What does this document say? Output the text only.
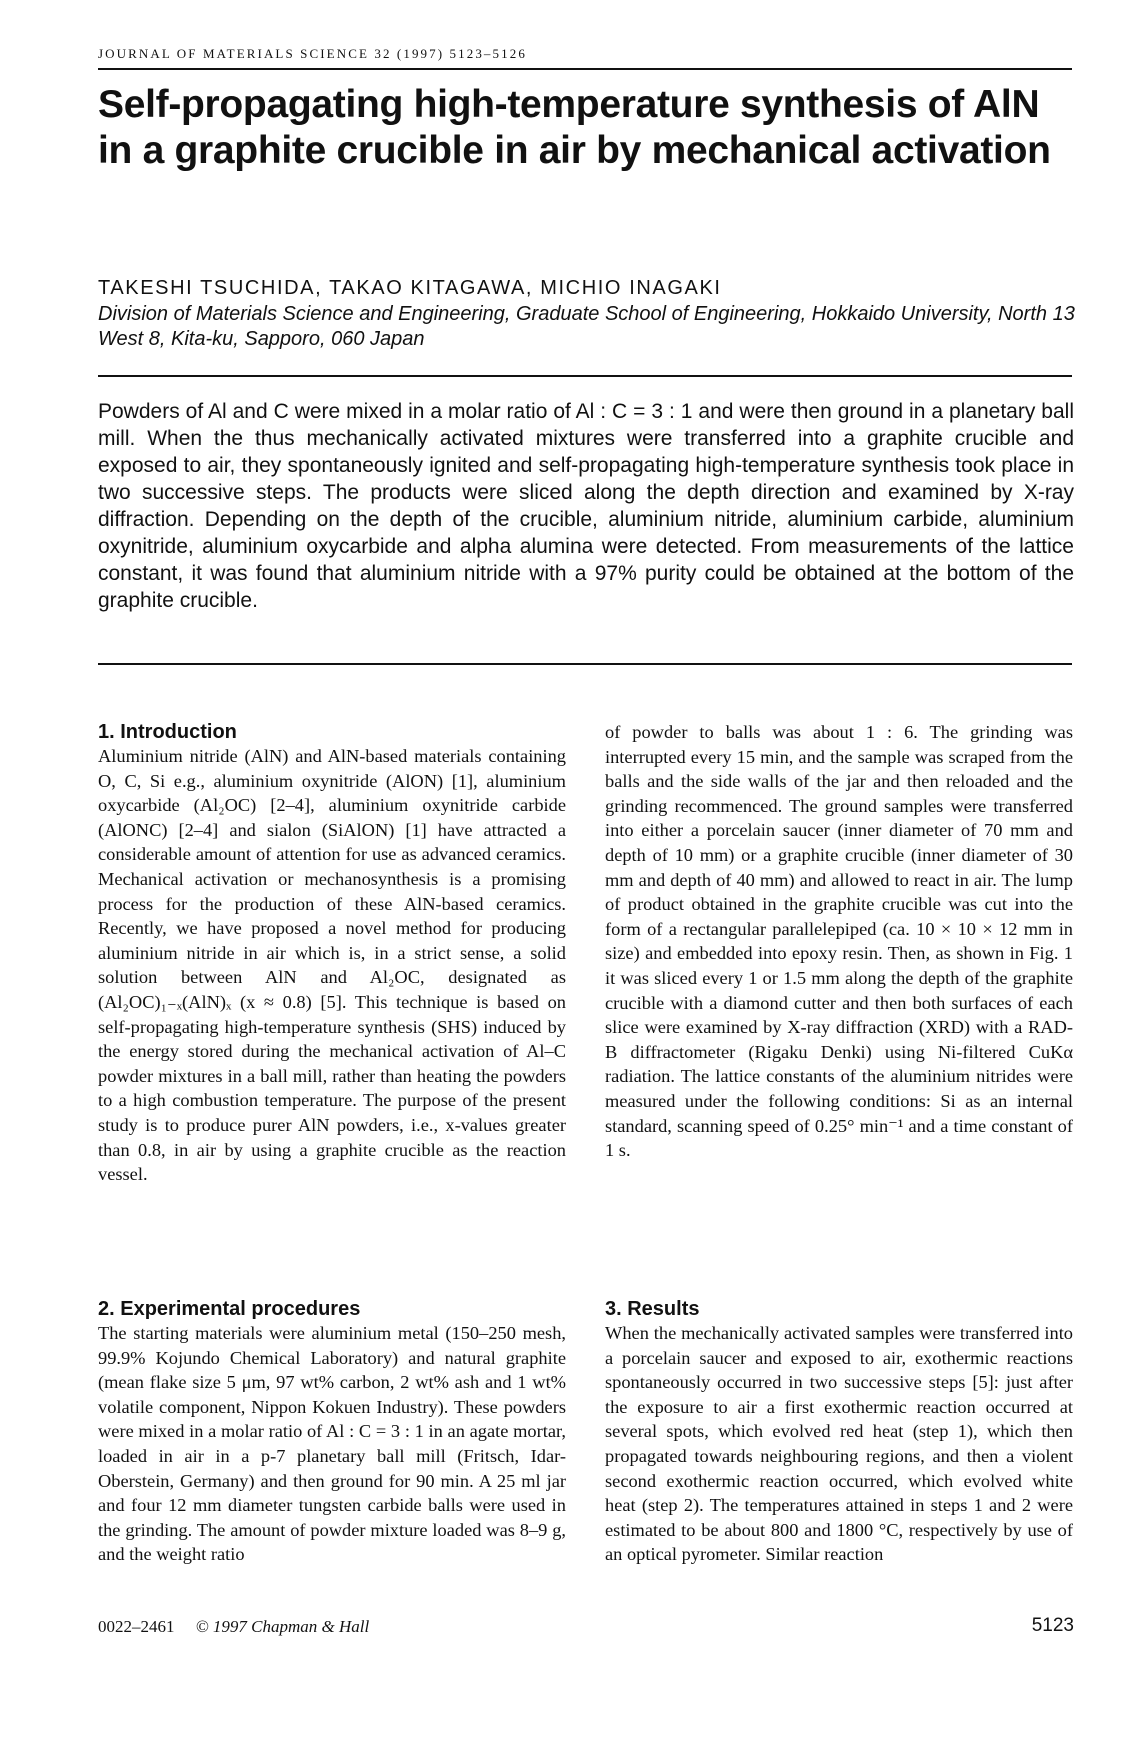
JOURNAL OF MATERIALS SCIENCE 32 (1997) 5123–5126
Self-propagating high-temperature synthesis of AlN in a graphite crucible in air by mechanical activation
TAKESHI TSUCHIDA, TAKAO KITAGAWA, MICHIO INAGAKI
Division of Materials Science and Engineering, Graduate School of Engineering, Hokkaido University, North 13 West 8, Kita-ku, Sapporo, 060 Japan

Powders of Al and C were mixed in a molar ratio of Al : C = 3 : 1 and were then ground in a planetary ball mill. When the thus mechanically activated mixtures were transferred into a graphite crucible and exposed to air, they spontaneously ignited and self-propagating high-temperature synthesis took place in two successive steps. The products were sliced along the depth direction and examined by X-ray diffraction. Depending on the depth of the crucible, aluminium nitride, aluminium carbide, aluminium oxynitride, aluminium oxycarbide and alpha alumina were detected. From measurements of the lattice constant, it was found that aluminium nitride with a 97% purity could be obtained at the bottom of the graphite crucible.

1. Introduction

Aluminium nitride (AlN) and AlN-based materials containing O, C, Si e.g., aluminium oxynitride (AlON) [1], aluminium oxycarbide (Al₂OC) [2–4], aluminium oxynitride carbide (AlONC) [2–4] and sialon (SiAlON) [1] have attracted a considerable amount of attention for use as advanced ceramics. Mechanical activation or mechanosynthesis is a promising process for the production of these AlN-based ceramics. Recently, we have proposed a novel method for producing aluminium nitride in air which is, in a strict sense, a solid solution between AlN and Al₂OC, designated as (Al₂OC)₁₋ₓ(AlN)ₓ (x ≈ 0.8) [5]. This technique is based on self-propagating high-temperature synthesis (SHS) induced by the energy stored during the mechanical activation of Al–C powder mixtures in a ball mill, rather than heating the powders to a high combustion temperature. The purpose of the present study is to produce purer AlN powders, i.e., x-values greater than 0.8, in air by using a graphite crucible as the reaction vessel.

of powder to balls was about 1 : 6. The grinding was interrupted every 15 min, and the sample was scraped from the balls and the side walls of the jar and then reloaded and the grinding recommenced. The ground samples were transferred into either a porcelain saucer (inner diameter of 70 mm and depth of 10 mm) or a graphite crucible (inner diameter of 30 mm and depth of 40 mm) and allowed to react in air. The lump of product obtained in the graphite crucible was cut into the form of a rectangular parallelepiped (ca. 10 × 10 × 12 mm in size) and embedded into epoxy resin. Then, as shown in Fig. 1 it was sliced every 1 or 1.5 mm along the depth of the graphite crucible with a diamond cutter and then both surfaces of each slice were examined by X-ray diffraction (XRD) with a RAD-B diffractometer (Rigaku Denki) using Ni-filtered CuKα radiation. The lattice constants of the aluminium nitrides were measured under the following conditions: Si as an internal standard, scanning speed of 0.25° min⁻¹ and a time constant of 1 s.

2. Experimental procedures

The starting materials were aluminium metal (150–250 mesh, 99.9% Kojundo Chemical Laboratory) and natural graphite (mean flake size 5 μm, 97 wt% carbon, 2 wt% ash and 1 wt% volatile component, Nippon Kokuen Industry). These powders were mixed in a molar ratio of Al : C = 3 : 1 in an agate mortar, loaded in air in a p-7 planetary ball mill (Fritsch, Idar-Oberstein, Germany) and then ground for 90 min. A 25 ml jar and four 12 mm diameter tungsten carbide balls were used in the grinding. The amount of powder mixture loaded was 8–9 g, and the weight ratio

3. Results

When the mechanically activated samples were transferred into a porcelain saucer and exposed to air, exothermic reactions spontaneously occurred in two successive steps [5]: just after the exposure to air a first exothermic reaction occurred at several spots, which evolved red heat (step 1), which then propagated towards neighbouring regions, and then a violent second exothermic reaction occurred, which evolved white heat (step 2). The temperatures attained in steps 1 and 2 were estimated to be about 800 and 1800 °C, respectively by use of an optical pyrometer. Similar reaction

0022–2461 © 1997 Chapman & Hall	5123
